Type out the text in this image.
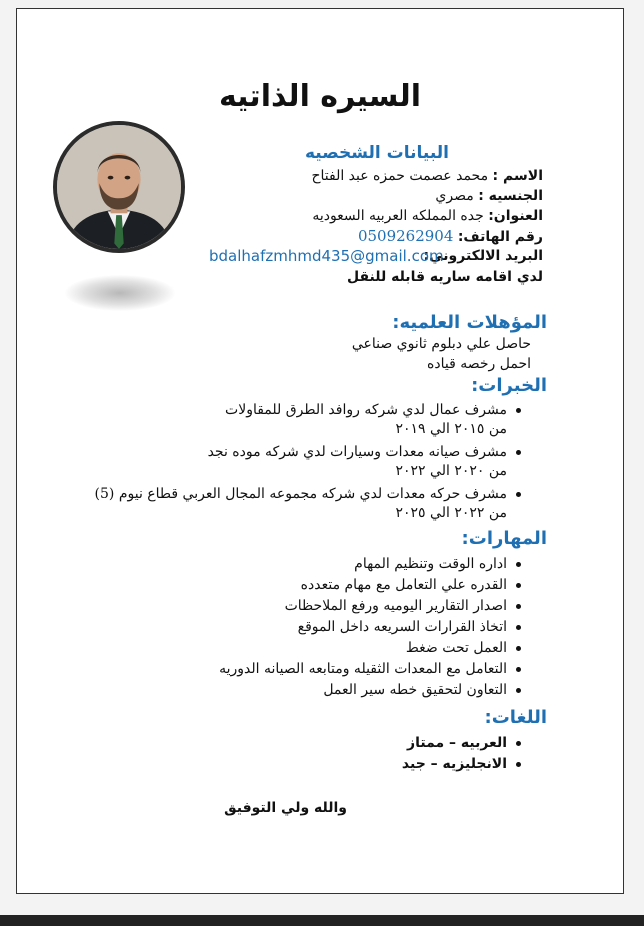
السيره الذاتيه
البيانات الشخصيه
الاسم : محمد عصمت حمزه عبد الفتاح
الجنسيه : مصري
العنوان: جده المملكه العربيه السعوديه
رقم الهاتف: 0509262904
البريد الالكتروني:
bdalhafzmhmd435@gmail.com
لدي اقامه ساريه قابله للنقل
المؤهلات العلميه:
حاصل علي دبلوم ثانوي صناعي
احمل رخصه قياده
الخبرات:
مشرف عمال لدي شركه روافد الطرق للمقاولات
من ٢٠١٥ الي ٢٠١٩
مشرف صيانه معدات وسيارات لدي شركه موده نجد
من ٢٠٢٠ الي ٢٠٢٢
مشرف حركه معدات لدي شركه مجموعه المجال العربي قطاع نيوم (5)
من ٢٠٢٢ الي ٢٠٢٥
المهارات:
اداره الوقت وتنظيم المهام
القدره علي التعامل مع مهام متعدده
اصدار التقارير اليوميه ورفع الملاحظات
اتخاذ القرارات السريعه داخل الموقع
العمل تحت ضغط
التعامل مع المعدات الثقيله ومتابعه الصيانه الدوريه
التعاون لتحقيق خطه سير العمل
اللغات:
العربيه – ممتاز
الانجليزيه – جيد
والله ولي التوفيق
